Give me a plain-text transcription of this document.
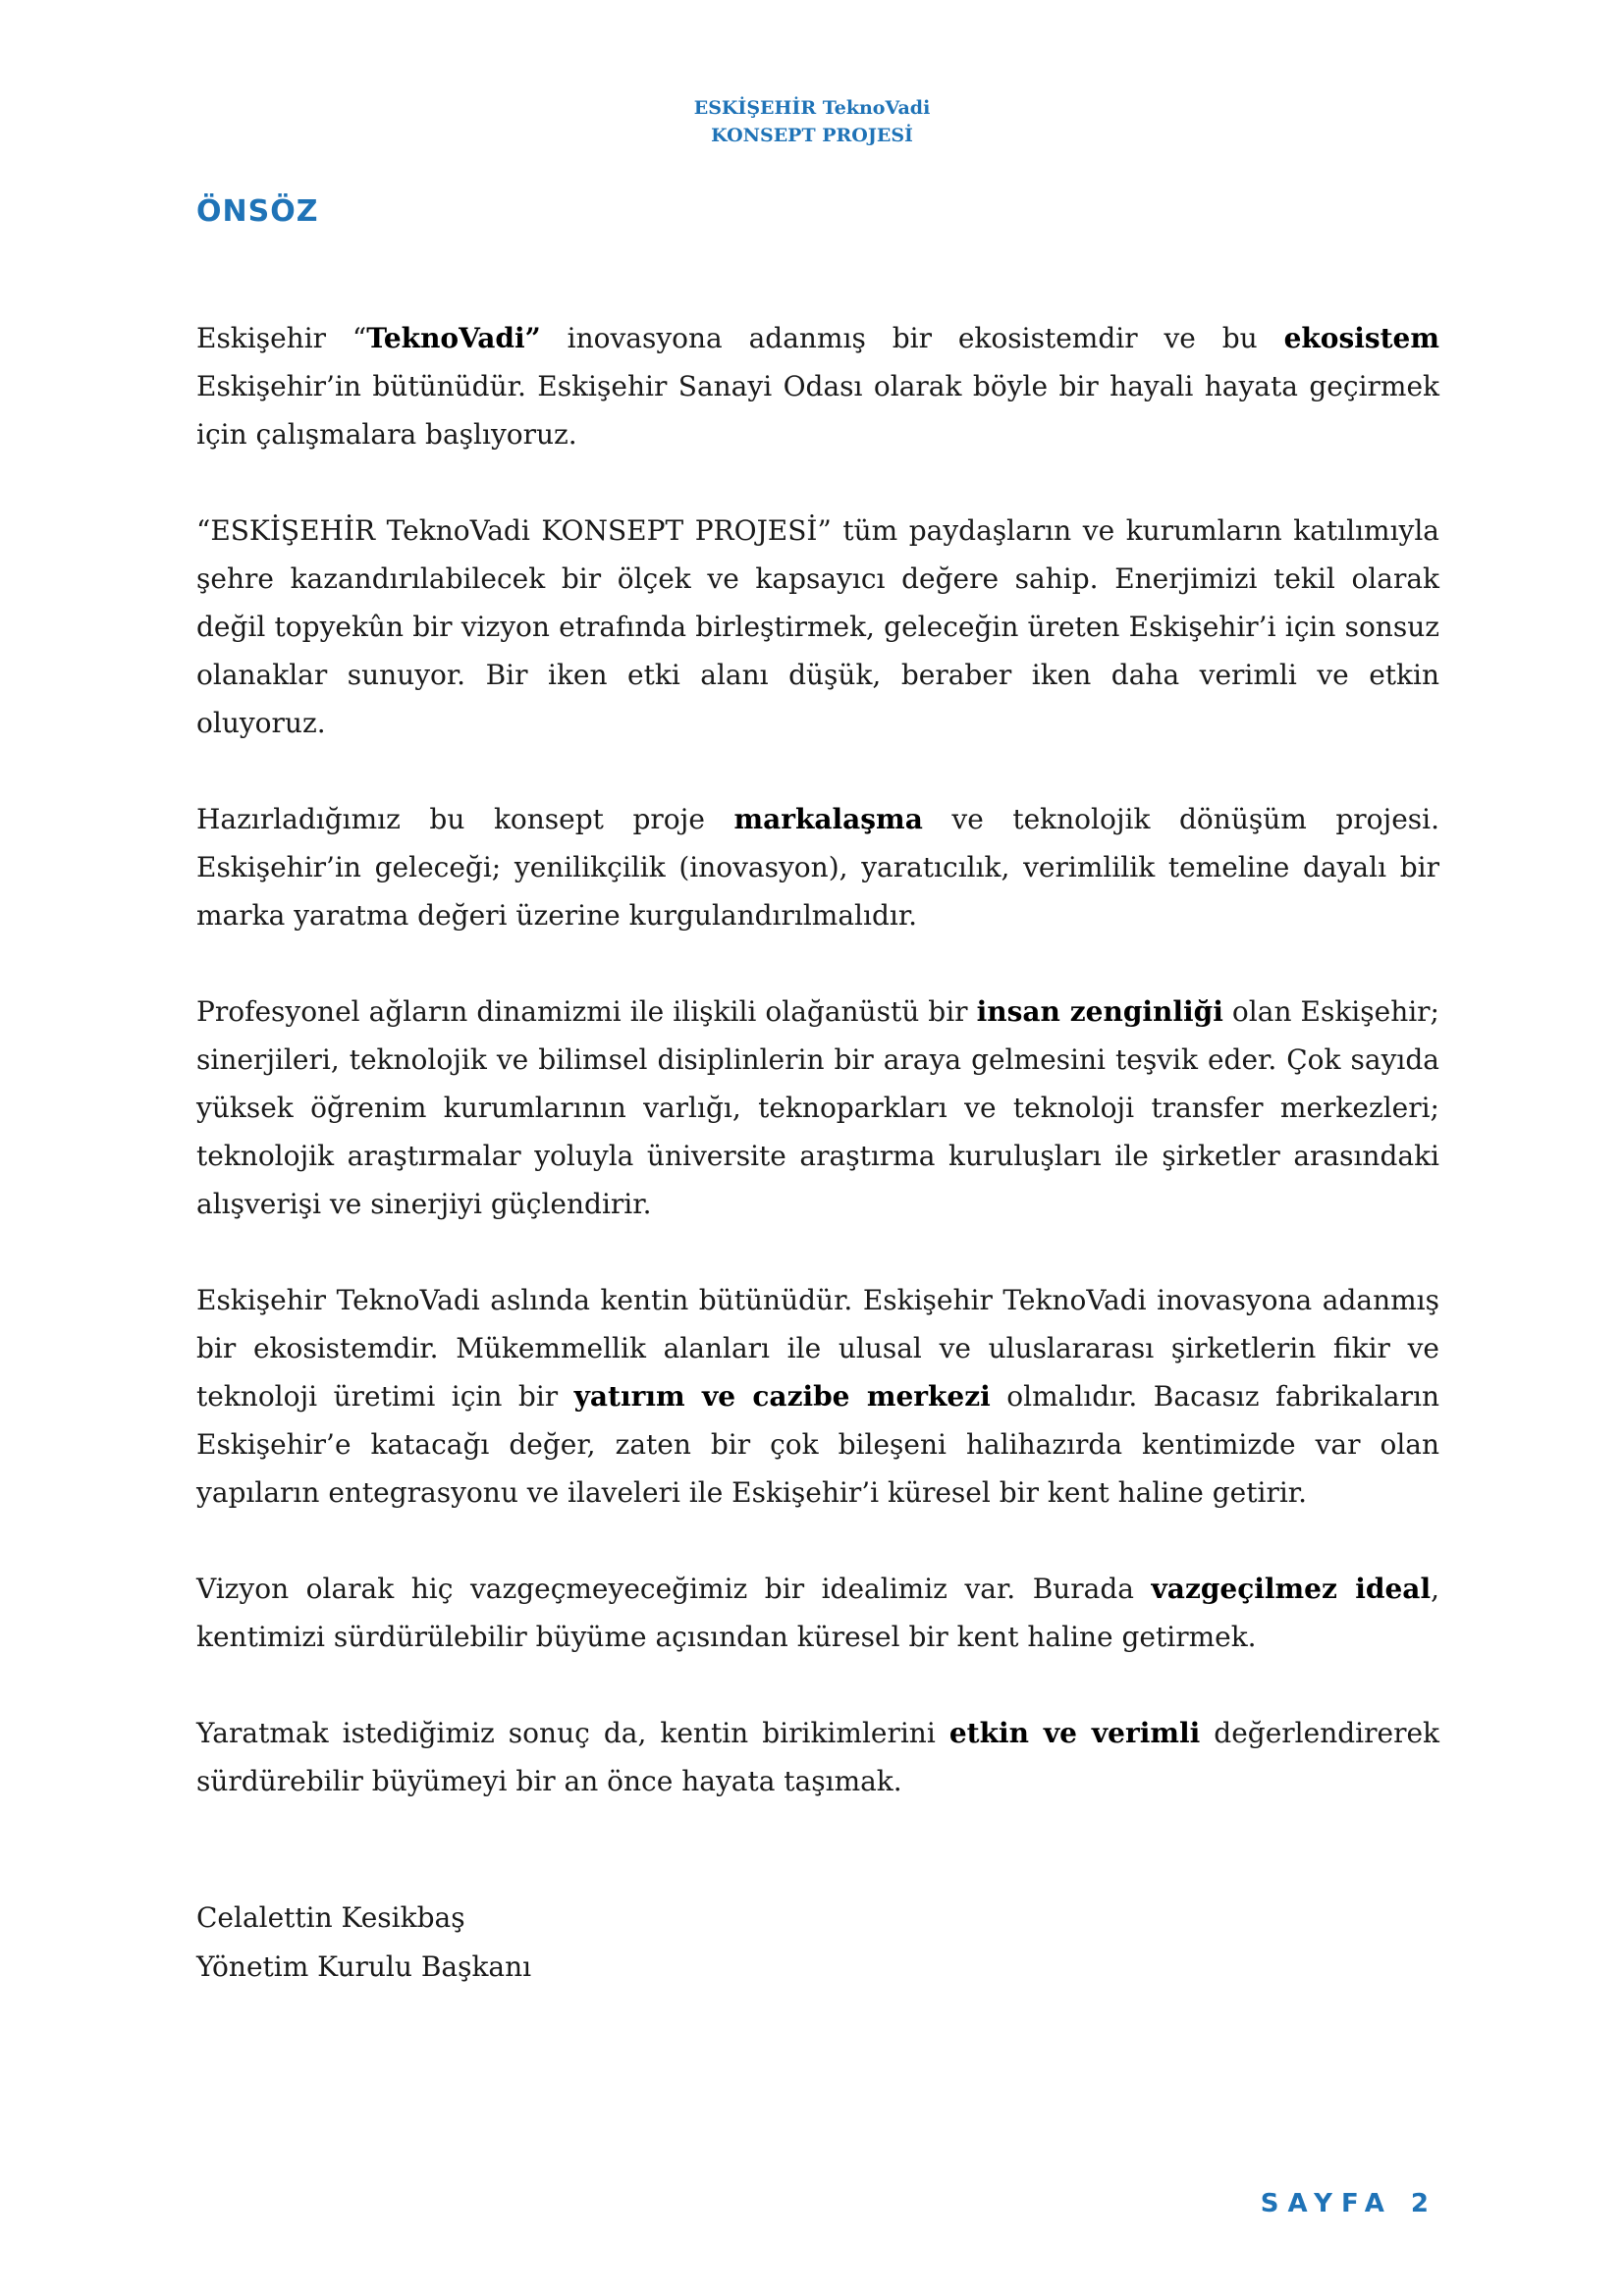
ESKİŞEHİR TeknoVadi
KONSEPT PROJESİ
ÖNSÖZ

Eskişehir “TeknoVadi” inovasyona adanmış bir ekosistemdir ve bu ekosistem Eskişehir’in bütünüdür. Eskişehir Sanayi Odası olarak böyle bir hayali hayata geçirmek için çalışmalara başlıyoruz.

“ESKİŞEHİR TeknoVadi KONSEPT PROJESİ” tüm paydaşların ve kurumların katılımıyla şehre kazandırılabilecek bir ölçek ve kapsayıcı değere sahip. Enerjimizi tekil olarak değil topyekûn bir vizyon etrafında birleştirmek, geleceğin üreten Eskişehir’i için sonsuz olanaklar sunuyor. Bir iken etki alanı düşük, beraber iken daha verimli ve etkin oluyoruz.

Hazırladığımız bu konsept proje markalaşma ve teknolojik dönüşüm projesi. Eskişehir’in geleceği; yenilikçilik (inovasyon), yaratıcılık, verimlilik temeline dayalı bir marka yaratma değeri üzerine kurgulandırılmalıdır.

Profesyonel ağların dinamizmi ile ilişkili olağanüstü bir insan zenginliği olan Eskişehir; sinerjileri, teknolojik ve bilimsel disiplinlerin bir araya gelmesini teşvik eder. Çok sayıda yüksek öğrenim kurumlarının varlığı, teknoparkları ve teknoloji transfer merkezleri; teknolojik araştırmalar yoluyla üniversite araştırma kuruluşları ile şirketler arasındaki alışverişi ve sinerjiyi güçlendirir.

Eskişehir TeknoVadi aslında kentin bütünüdür. Eskişehir TeknoVadi inovasyona adanmış bir ekosistemdir. Mükemmellik alanları ile ulusal ve uluslararası şirketlerin fikir ve teknoloji üretimi için bir yatırım ve cazibe merkezi olmalıdır. Bacasız fabrikaların Eskişehir’e katacağı değer, zaten bir çok bileşeni halihazırda kentimizde var olan yapıların entegrasyonu ve ilaveleri ile Eskişehir’i küresel bir kent haline getirir.

Vizyon olarak hiç vazgeçmeyeceğimiz bir idealimiz var. Burada vazgeçilmez ideal, kentimizi sürdürülebilir büyüme açısından küresel bir kent haline getirmek.

Yaratmak istediğimiz sonuç da, kentin birikimlerini etkin ve verimli değerlendirerek sürdürebilir büyümeyi bir an önce hayata taşımak.

Celalettin Kesikbaş
Yönetim Kurulu Başkanı
SAYFA 2
